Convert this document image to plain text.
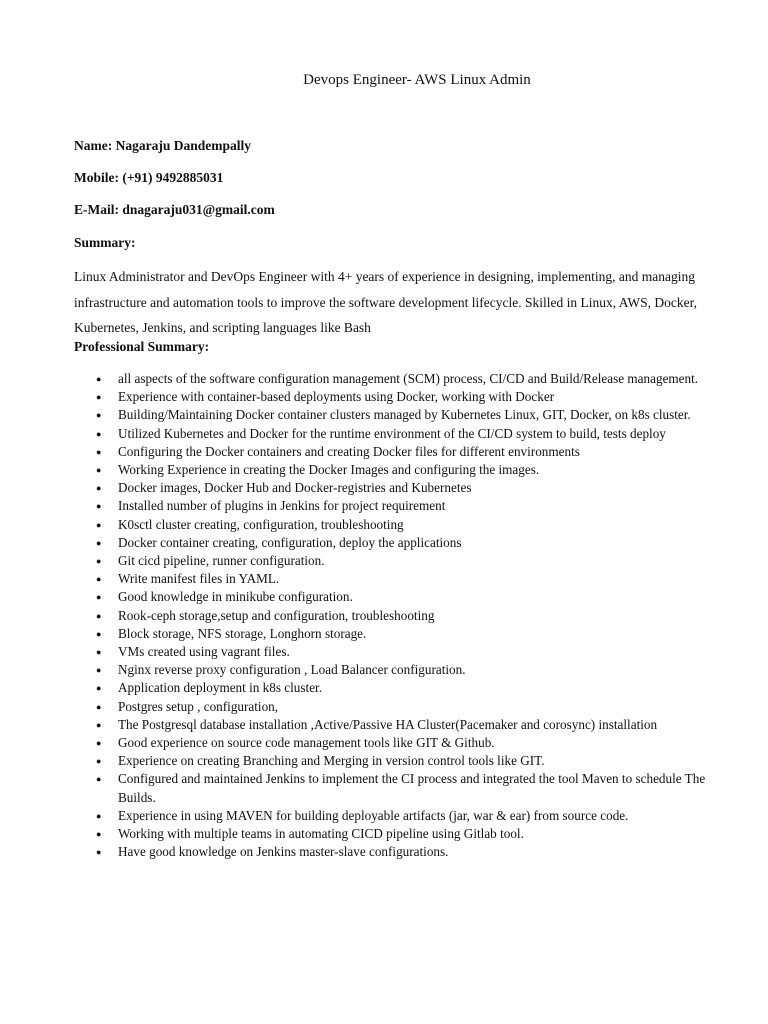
Devops Engineer- AWS Linux Admin
Name: Nagaraju Dandempally
Mobile: (+91) 9492885031
E-Mail: dnagaraju031@gmail.com
Summary:
Linux Administrator and DevOps Engineer with 4+ years of experience in designing, implementing, and managing infrastructure and automation tools to improve the software development lifecycle. Skilled in Linux, AWS, Docker, Kubernetes, Jenkins, and scripting languages like Bash
Professional Summary:
● all aspects of the software configuration management (SCM) process, CI/CD and Build/Release management.
● Experience with container-based deployments using Docker, working with Docker
● Building/Maintaining Docker container clusters managed by Kubernetes Linux, GIT, Docker, on k8s cluster.
● Utilized Kubernetes and Docker for the runtime environment of the CI/CD system to build, tests deploy
● Configuring the Docker containers and creating Docker files for different environments
● Working Experience in creating the Docker Images and configuring the images.
● Docker images, Docker Hub and Docker-registries and Kubernetes
● Installed number of plugins in Jenkins for project requirement
● K0sctl cluster creating, configuration, troubleshooting
● Docker container creating, configuration, deploy the applications
● Git cicd pipeline, runner configuration.
● Write manifest files in YAML.
● Good knowledge in minikube configuration.
● Rook-ceph storage,setup and configuration, troubleshooting
● Block storage, NFS storage, Longhorn storage.
● VMs created using vagrant files.
● Nginx reverse proxy configuration , Load Balancer configuration.
● Application deployment in k8s cluster.
● Postgres setup , configuration,
● The Postgresql database installation ,Active/Passive HA Cluster(Pacemaker and corosync) installation
● Good experience on source code management tools like GIT & Github.
● Experience on creating Branching and Merging in version control tools like GIT.
● Configured and maintained Jenkins to implement the CI process and integrated the tool Maven to schedule The Builds.
● Experience in using MAVEN for building deployable artifacts (jar, war & ear) from source code.
● Working with multiple teams in automating CICD pipeline using Gitlab tool.
● Have good knowledge on Jenkins master-slave configurations.
